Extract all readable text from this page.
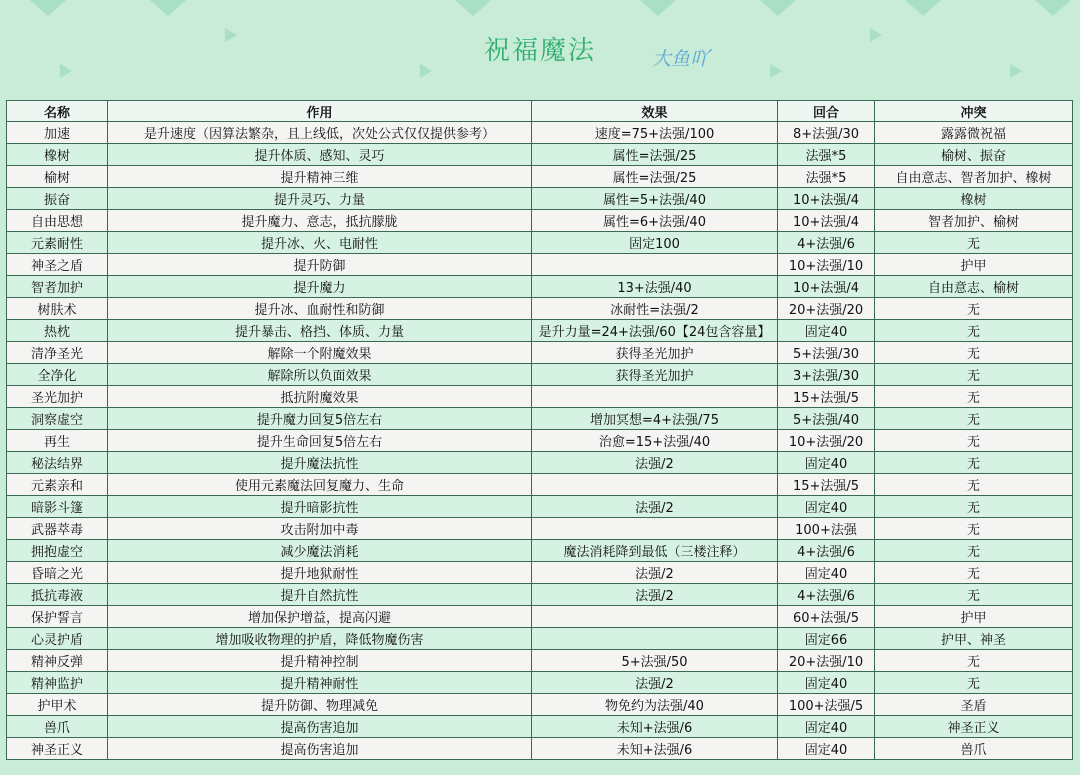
祝福魔法	大鱼吖
名称	作用	效果	回合	冲突
加速	是升速度（因算法繁杂，且上线低，次处公式仅仅提供参考）	速度=75+法强/100	8+法强/30	露露微祝福
橡树	提升体质、感知、灵巧	属性=法强/25	法强*5	榆树、振奋
榆树	提升精神三维	属性=法强/25	法强*5	自由意志、智者加护、橡树
振奋	提升灵巧、力量	属性=5+法强/40	10+法强/4	橡树
自由思想	提升魔力、意志，抵抗朦胧	属性=6+法强/40	10+法强/4	智者加护、榆树
元素耐性	提升冰、火、电耐性	固定100	4+法强/6	无
神圣之盾	提升防御		10+法强/10	护甲
智者加护	提升魔力	13+法强/40	10+法强/4	自由意志、榆树
树肤术	提升冰、血耐性和防御	冰耐性=法强/2	20+法强/20	无
热枕	提升暴击、格挡、体质、力量	是升力量=24+法强/60【24包含容量】	固定40	无
清净圣光	解除一个附魔效果	获得圣光加护	5+法强/30	无
全净化	解除所以负面效果	获得圣光加护	3+法强/30	无
圣光加护	抵抗附魔效果		15+法强/5	无
洞察虚空	提升魔力回复5倍左右	增加冥想=4+法强/75	5+法强/40	无
再生	提升生命回复5倍左右	治愈=15+法强/40	10+法强/20	无
秘法结界	提升魔法抗性	法强/2	固定40	无
元素亲和	使用元素魔法回复魔力、生命		15+法强/5	无
暗影斗篷	提升暗影抗性	法强/2	固定40	无
武器萃毒	攻击附加中毒		100+法强	无
拥抱虚空	减少魔法消耗	魔法消耗降到最低（三楼注释）	4+法强/6	无
昏暗之光	提升地狱耐性	法强/2	固定40	无
抵抗毒液	提升自然抗性	法强/2	4+法强/6	无
保护誓言	增加保护增益，提高闪避		60+法强/5	护甲
心灵护盾	增加吸收物理的护盾，降低物魔伤害		固定66	护甲、神圣
精神反弹	提升精神控制	5+法强/50	20+法强/10	无
精神监护	提升精神耐性	法强/2	固定40	无
护甲术	提升防御、物理减免	物免约为法强/40	100+法强/5	圣盾
兽爪	提高伤害追加	未知+法强/6	固定40	神圣正义
神圣正义	提高伤害追加	未知+法强/6	固定40	兽爪
